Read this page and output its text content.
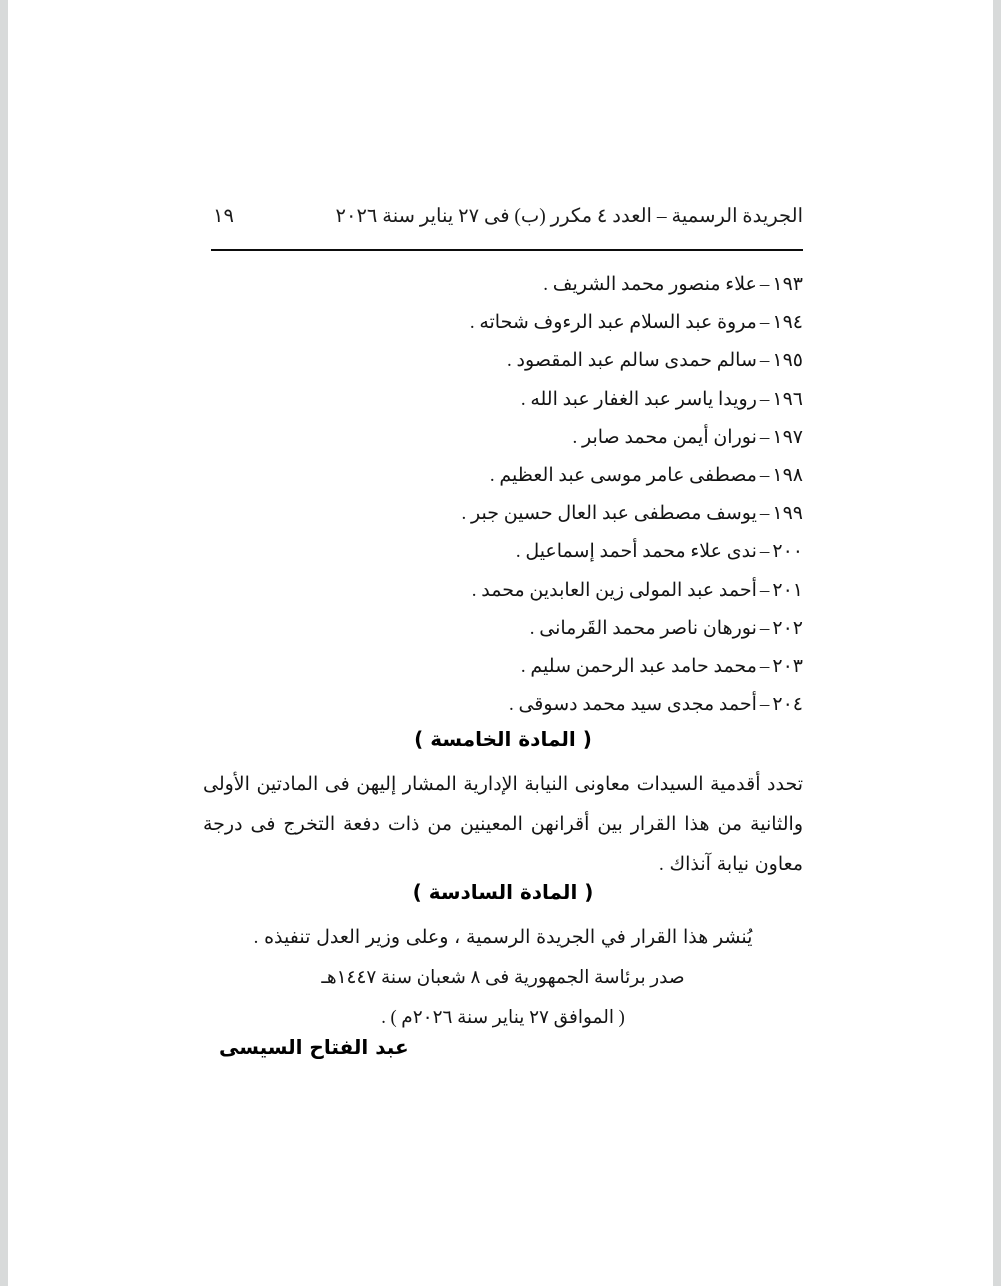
الجريدة الرسمية – العدد ٤ مكرر (ب) فى ٢٧ يناير سنة ٢٠٢٦
١٩
١٩٣–علاء منصور محمد الشريف .
١٩٤–مروة عبد السلام عبد الرءوف شحاته .
١٩٥–سالم حمدى سالم عبد المقصود .
١٩٦–رويدا ياسر عبد الغفار عبد الله .
١٩٧–نوران أيمن محمد صابر .
١٩٨–مصطفى عامر موسى عبد العظيم .
١٩٩–يوسف مصطفى عبد العال حسين جبر .
٢٠٠–ندى علاء محمد أحمد إسماعيل .
٢٠١–أحمد عبد المولى زين العابدين محمد .
٢٠٢–نورهان ناصر محمد القَرمانى .
٢٠٣–محمد حامد عبد الرحمن سليم .
٢٠٤–أحمد مجدى سيد محمد دسوقى .
( المادة الخامسة )

تحدد أقدمية السيدات معاونى النيابة الإدارية المشار إليهن فى المادتين الأولى والثانية من هذا القرار بين أقرانهن المعينين من ذات دفعة التخرج فى درجة معاون نيابة آنذاك .

( المادة السادسة )

يُنشر هذا القرار في الجريدة الرسمية ، وعلى وزير العدل تنفيذه .

صدر برئاسة الجمهورية فى ٨ شعبان سنة ١٤٤٧هـ
( الموافق ٢٧ يناير سنة ٢٠٢٦م ) .
عبد الفتاح السيسى
